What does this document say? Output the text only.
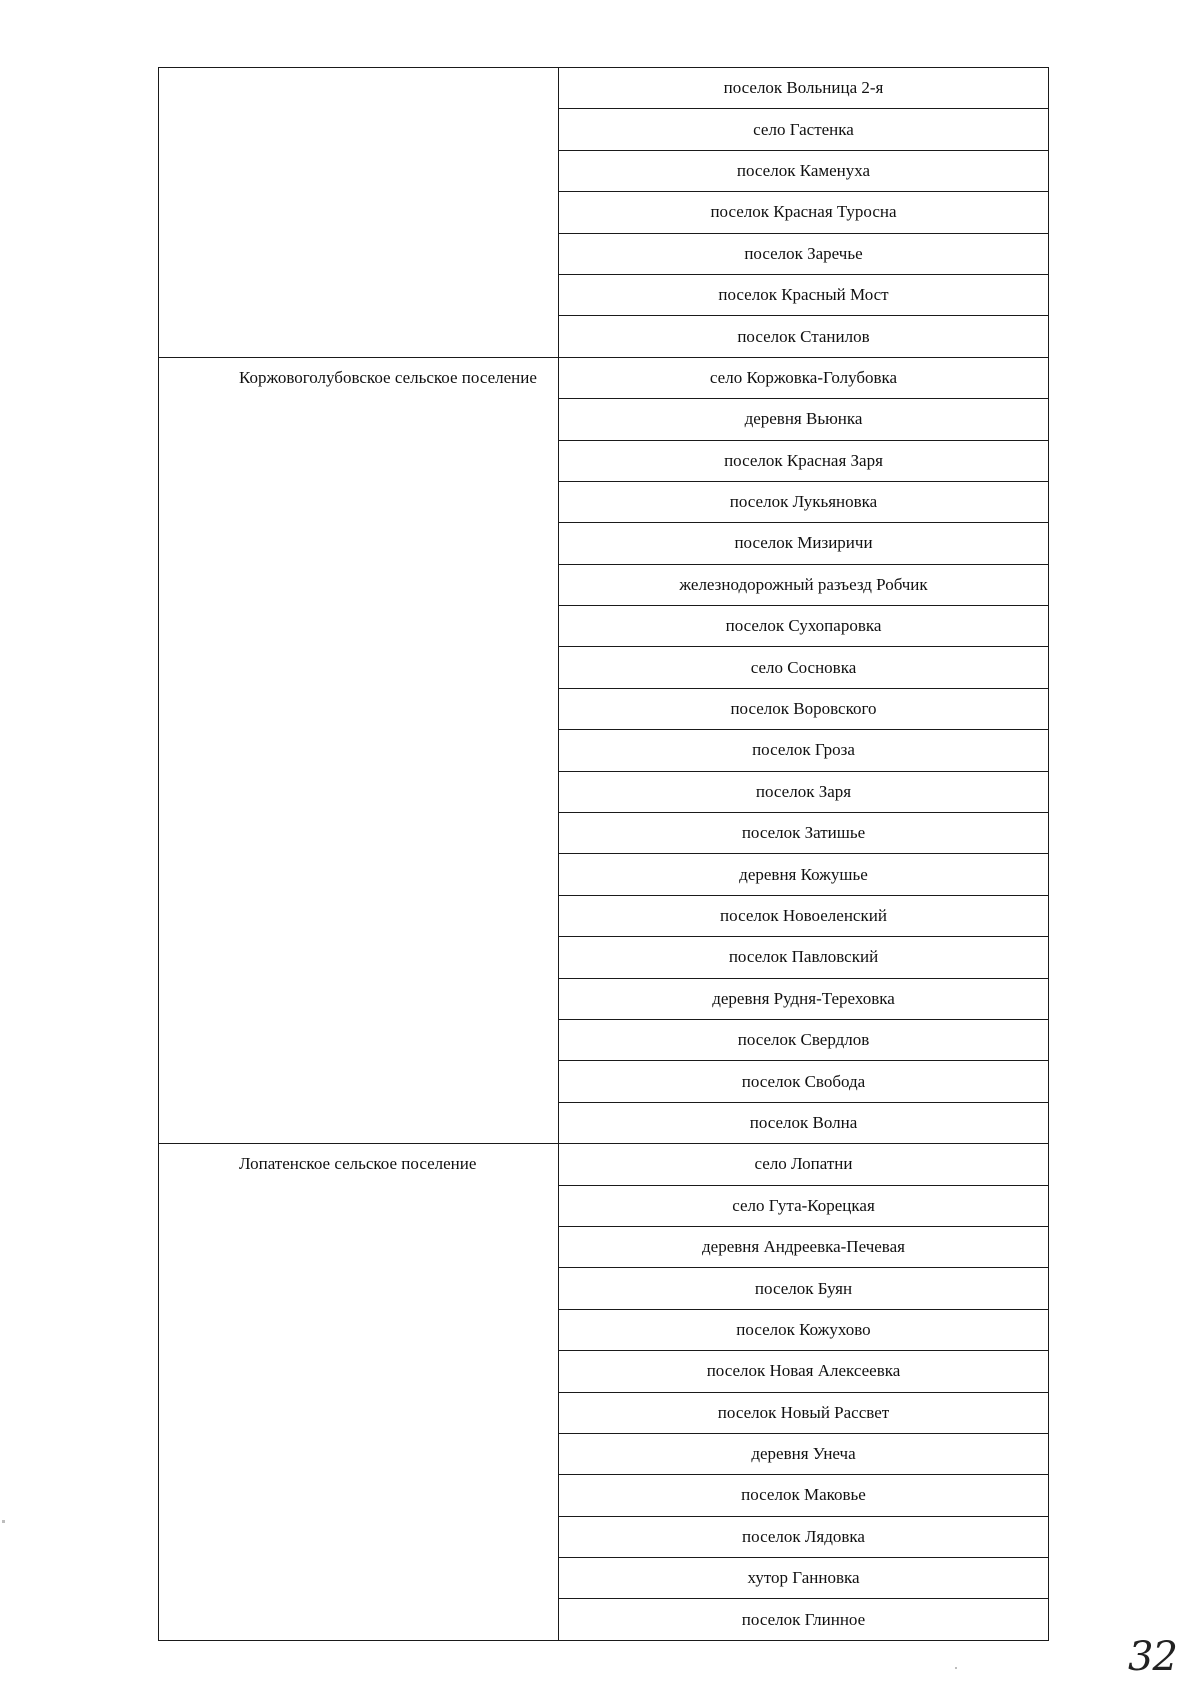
	поселок Вольница 2-я
	село Гастенка
	поселок Каменуха
	поселок Красная Туросна
	поселок Заречье
	поселок Красный Мост
	поселок Станилов

Коржовоголубовское сельское поселение	село Коржовка-Голубовка
	деревня Вьюнка
	поселок Красная Заря
	поселок Лукьяновка
	поселок Мизиричи
	железнодорожный разъезд Робчик
	поселок Сухопаровка
	село Сосновка
	поселок Воровского
	поселок Гроза
	поселок Заря
	поселок Затишье
	деревня Кожушье
	поселок Новоеленский
	поселок Павловский
	деревня Рудня-Тереховка
	поселок Свердлов
	поселок Свобода
	поселок Волна

Лопатенское сельское поселение	село Лопатни
	село Гута-Корецкая
	деревня Андреевка-Печевая
	поселок Буян
	поселок Кожухово
	поселок Новая Алексеевка
	поселок Новый Рассвет
	деревня Унеча
	поселок Маковье
	поселок Лядовка
	хутор Ганновка
	поселок Глинное
32
